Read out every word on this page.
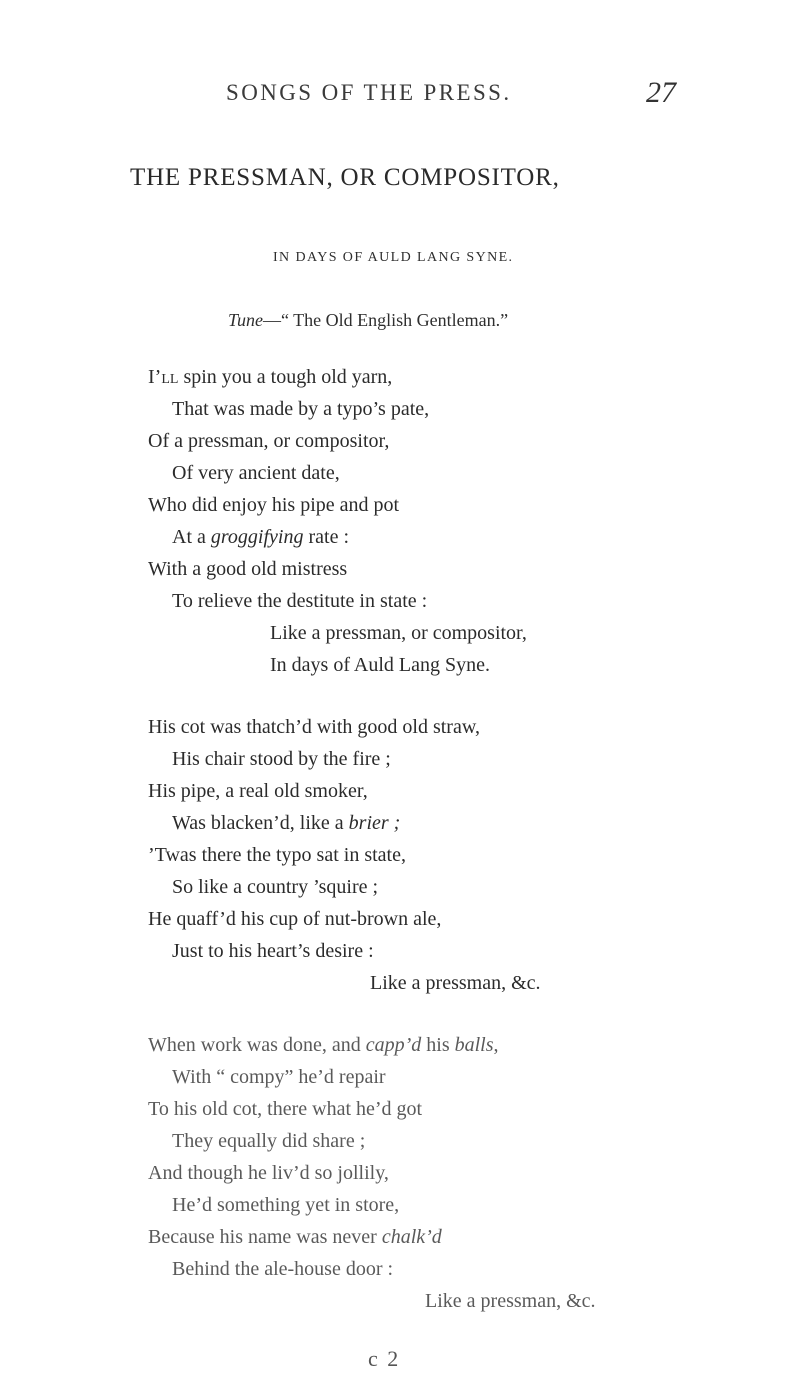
SONGS OF THE PRESS.	27
THE PRESSMAN, OR COMPOSITOR,
IN DAYS OF AULD LANG SYNE.
Tune—“ The Old English Gentleman.”
I’ll spin you a tough old yarn,
That was made by a typo’s pate,
Of a pressman, or compositor,
Of very ancient date,
Who did enjoy his pipe and pot
At a groggifying rate :
With a good old mistress
To relieve the destitute in state :
Like a pressman, or compositor,
In days of Auld Lang Syne.
His cot was thatch’d with good old straw,
His chair stood by the fire ;
His pipe, a real old smoker,
Was blacken’d, like a brier ;
’Twas there the typo sat in state,
So like a country ’squire ;
He quaff’d his cup of nut-brown ale,
Just to his heart’s desire :
Like a pressman, &c.
When work was done, and capp’d his balls,
With “ compy” he’d repair
To his old cot, there what he’d got
They equally did share ;
And though he liv’d so jollily,
He’d something yet in store,
Because his name was never chalk’d
Behind the ale-house door :
Like a pressman, &c.
c 2
